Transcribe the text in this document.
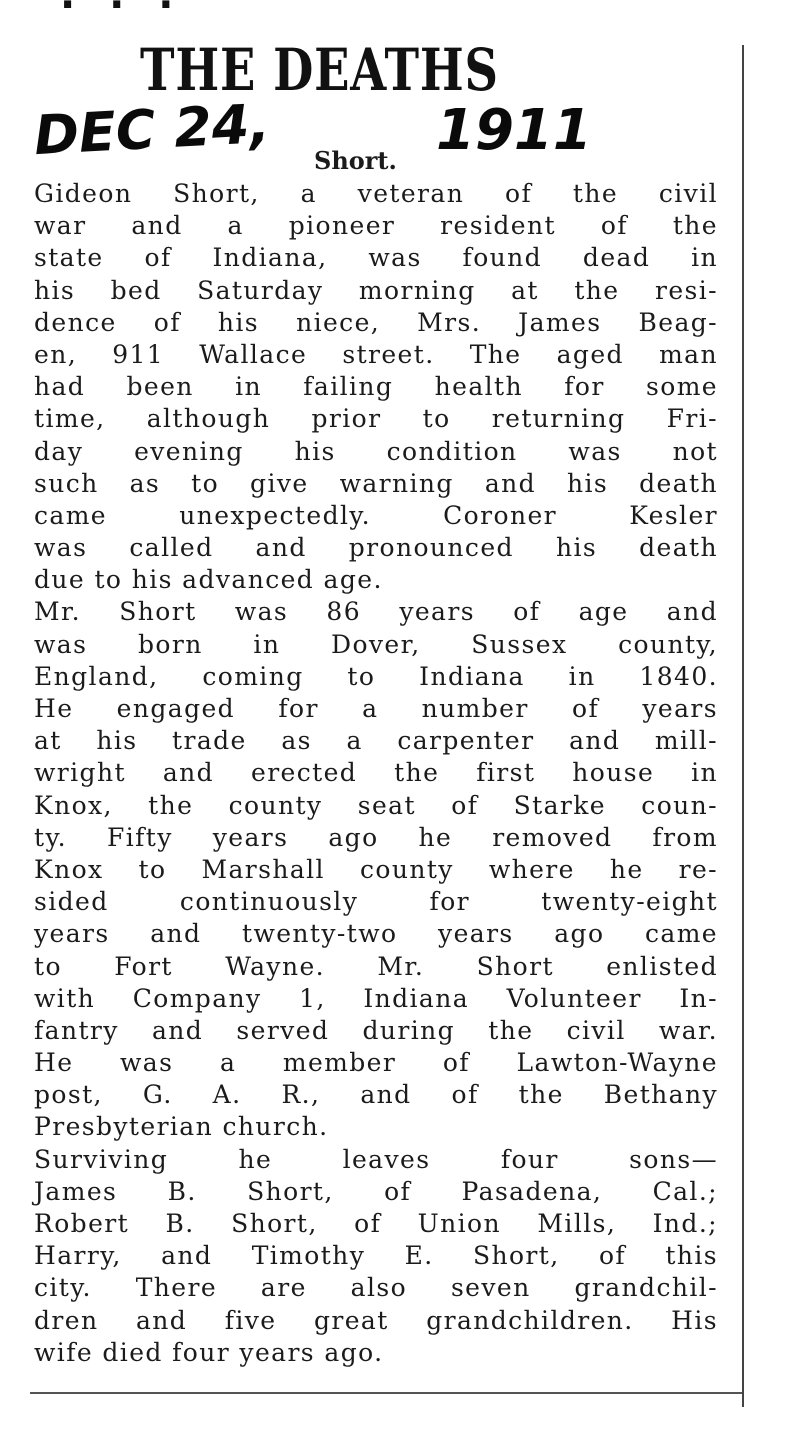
· · ·
THE DEATHS
DEC 24, Short. 1911
Gideon Short, a veteran of the civil
war and a pioneer resident of the
state of Indiana, was found dead in
his bed Saturday morning at the resi-
dence of his niece, Mrs. James Beag-
en, 911 Wallace street. The aged man
had been in failing health for some
time, although prior to returning Fri-
day evening his condition was not
such as to give warning and his death
came unexpectedly. Coroner Kesler
was called and pronounced his death
due to his advanced age.
Mr. Short was 86 years of age and
was born in Dover, Sussex county,
England, coming to Indiana in 1840.
He engaged for a number of years
at his trade as a carpenter and mill-
wright and erected the first house in
Knox, the county seat of Starke coun-
ty. Fifty years ago he removed from
Knox to Marshall county where he re-
sided continuously for twenty-eight
years and twenty-two years ago came
to Fort Wayne. Mr. Short enlisted
with Company 1, Indiana Volunteer In-
fantry and served during the civil war.
He was a member of Lawton-Wayne
post, G. A. R., and of the Bethany
Presbyterian church.
Surviving he leaves four sons—
James B. Short, of Pasadena, Cal.;
Robert B. Short, of Union Mills, Ind.;
Harry, and Timothy E. Short, of this
city. There are also seven grandchil-
dren and five great grandchildren. His
wife died four years ago.
